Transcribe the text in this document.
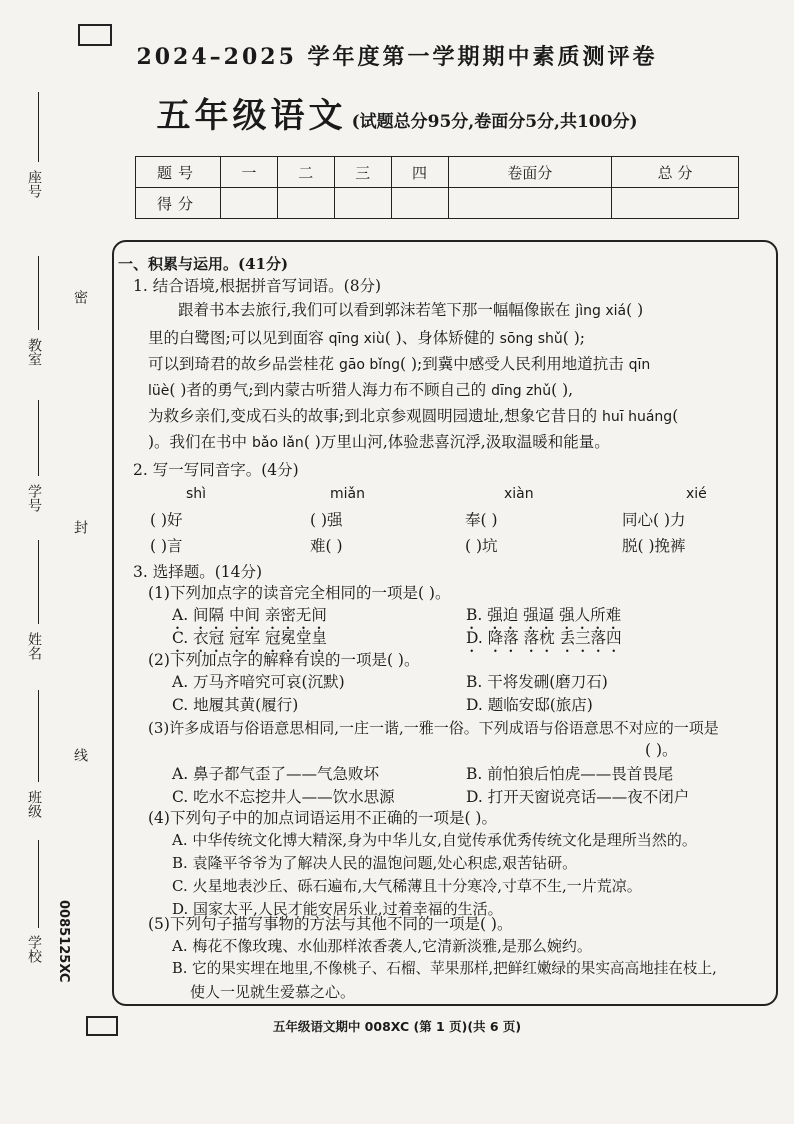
2024–2025 学年度第一学期期中素质测评卷
五年级语文 (试题总分95分,卷面分5分,共100分)
题号	一	二	三	四	卷面分	总 分
得分						
座号
教室
学号
姓名
班级
学校 0085125XC
密
封
线
一、积累与运用。(41分)
1. 结合语境,根据拼音写词语。(8分)
跟着书本去旅行,我们可以看到郭沫若笔下那一幅幅像嵌在 jìng xiá( )
里的白鹭图;可以见到面容 qīng xiù( )、身体矫健的 sōng shǔ( );
可以到琦君的故乡品尝桂花 gāo bǐng( );到冀中感受人民利用地道抗击 qīn
lüè( )者的勇气;到内蒙古听猎人海力布不顾自己的 dīng zhǔ( ),
为救乡亲们,变成石头的故事;到北京参观圆明园遗址,想象它昔日的 huī huáng(
)。我们在书中 bǎo lǎn( )万里山河,体验悲喜沉浮,汲取温暖和能量。
2. 写一写同音字。(4分)
shì	miǎn	xiàn	xié
( )好	( )强	奉( )	同心( )力
( )言	难( )	( )坑	脱( )挽裤
3. 选择题。(14分)
(1)下列加点字的读音完全相同的一项是( )。
A. 间隔 中间 亲密无间	B. 强迫 强逼 强人所难
C. 衣冠 冠军 冠冕堂皇	D. 降落 落枕 丢三落四
(2)下列加点字的解释有误的一项是( )。
A. 万马齐喑究可哀(沉默)	B. 干将发硎(磨刀石)
C. 地履其黄(履行)	D. 题临安邸(旅店)
(3)许多成语与俗语意思相同,一庄一谐,一雅一俗。下列成语与俗语意思不对应的一项是
( )。
A. 鼻子都气歪了——气急败坏	B. 前怕狼后怕虎——畏首畏尾
C. 吃水不忘挖井人——饮水思源	D. 打开天窗说亮话——夜不闭户
(4)下列句子中的加点词语运用不正确的一项是( )。
A. 中华传统文化博大精深,身为中华儿女,自觉传承优秀传统文化是理所当然的。
B. 袁隆平爷爷为了解决人民的温饱问题,处心积虑,艰苦钻研。
C. 火星地表沙丘、砾石遍布,大气稀薄且十分寒冷,寸草不生,一片荒凉。
D. 国家太平,人民才能安居乐业,过着幸福的生活。
(5)下列句子描写事物的方法与其他不同的一项是( )。
A. 梅花不像玫瑰、水仙那样浓香袭人,它清新淡雅,是那么婉约。
B. 它的果实埋在地里,不像桃子、石榴、苹果那样,把鲜红嫩绿的果实高高地挂在枝上,
使人一见就生爱慕之心。
五年级语文期中 008XC (第 1 页)(共 6 页)
